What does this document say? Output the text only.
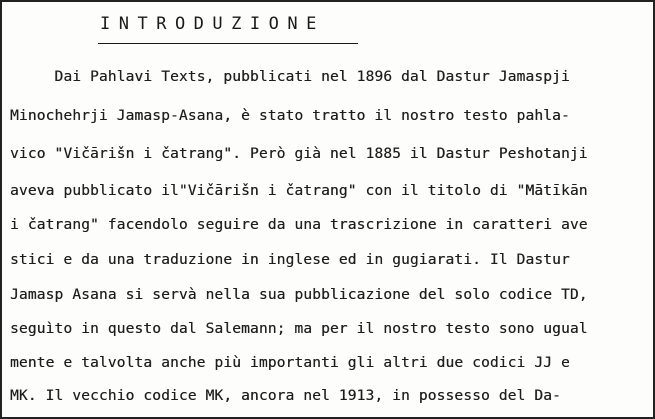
INTRODUZIONE
Dai Pahlavi Texts, pubblicati nel 1896 dal Dastur Jamaspji
Minochehrji Jamasp-Asana, è stato tratto il nostro testo pahla-
vico "Vičārišn i čatrang". Però già nel 1885 il Dastur Peshotanji
aveva pubblicato il"Vičārišn i čatrang" con il titolo di "Mātīkān
i čatrang" facendolo seguire da una trascrizione in caratteri ave
stici e da una traduzione in inglese ed in gugiarati. Il Dastur
Jamasp Asana si servà nella sua pubblicazione del solo codice TD,
seguìto in questo dal Salemann; ma per il nostro testo sono ugual
mente e talvolta anche più importanti gli altri due codici JJ e
MK. Il vecchio codice MK, ancora nel 1913, in possesso del Da-
